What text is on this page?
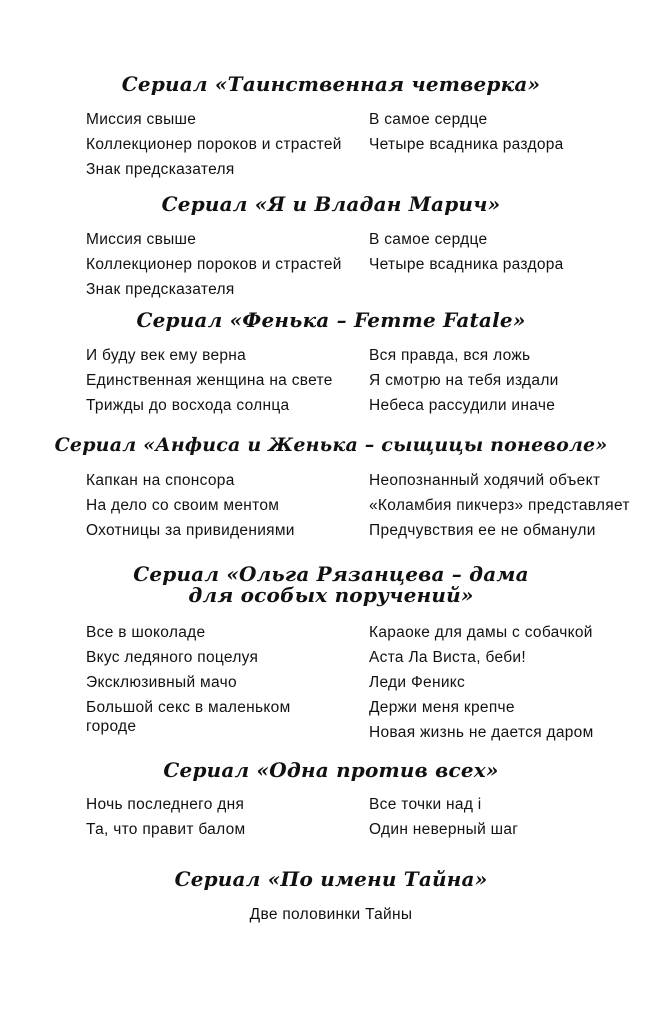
Сериал «Таинственная четверка»
Миссия свыше
Коллекционер пороков и страстей
Знак предсказателя
В самое сердце
Четыре всадника раздора
Сериал «Я и Владан Марич»
Миссия свыше
Коллекционер пороков и страстей
Знак предсказателя
В самое сердце
Четыре всадника раздора
Сериал «Фенька – Femme Fatale»
И буду век ему верна
Единственная женщина на свете
Трижды до восхода солнца
Вся правда, вся ложь
Я смотрю на тебя издали
Небеса рассудили иначе
Сериал «Анфиса и Женька – сыщицы поневоле»
Капкан на спонсора
На дело со своим ментом
Охотницы за привидениями
Неопознанный ходячий объект
«Коламбия пикчерз» представляет
Предчувствия ее не обманули
Сериал «Ольга Рязанцева – дама
для особых поручений»
Все в шоколаде
Вкус ледяного поцелуя
Эксклюзивный мачо
Большой секс в маленьком городе
Караоке для дамы с собачкой
Аста Ла Виста, беби!
Леди Феникс
Держи меня крепче
Новая жизнь не дается даром
Сериал «Одна против всех»
Ночь последнего дня
Та, что правит балом
Все точки над i
Один неверный шаг
Сериал «По имени Тайна»
Две половинки Тайны
